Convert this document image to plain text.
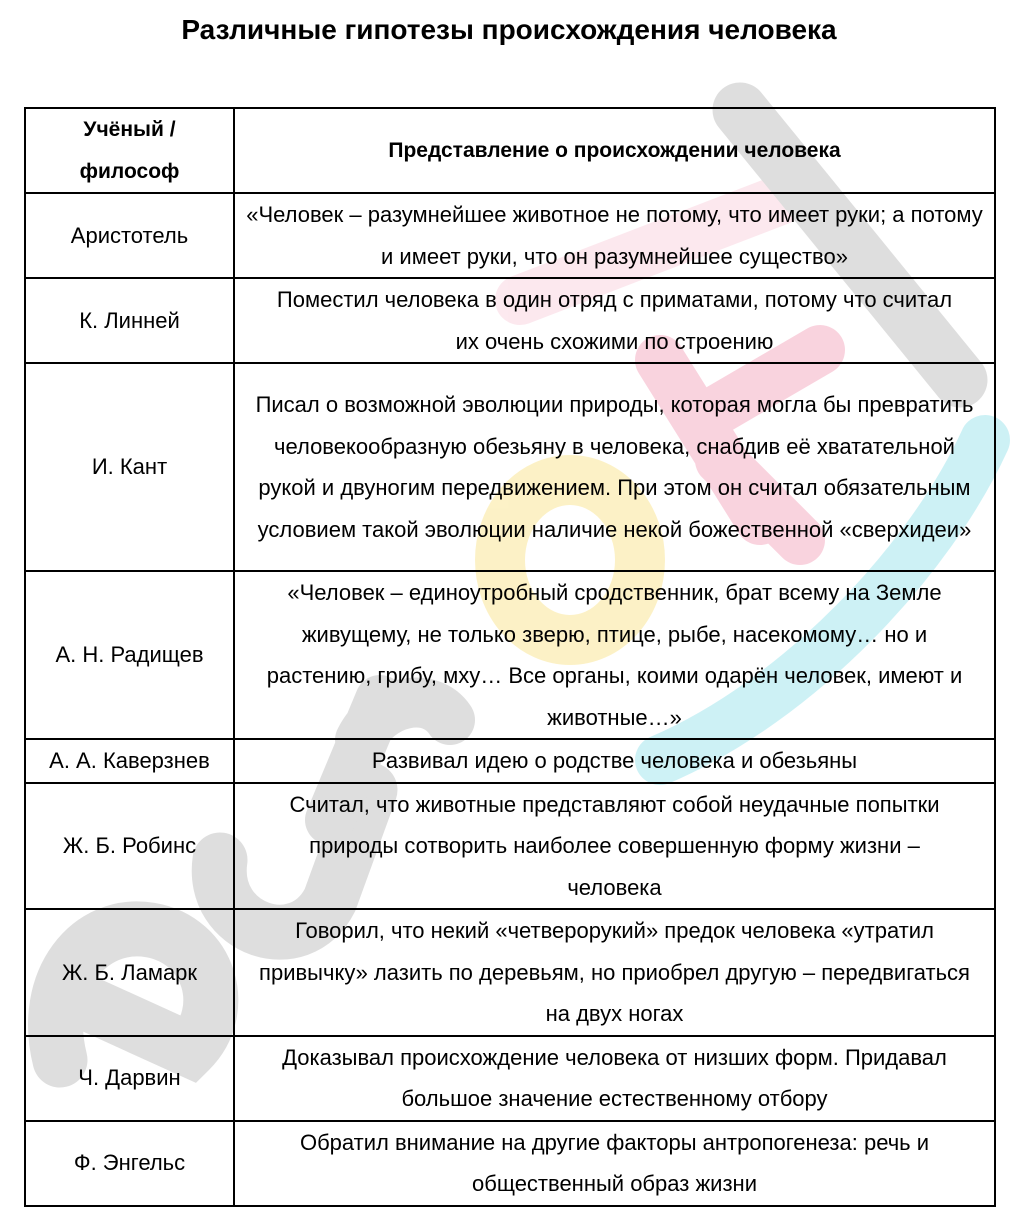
Различные гипотезы происхождения человека
Учёный / философ	Представление о происхождении человека
Аристотель	«Человек – разумнейшее животное не потому, что имеет руки; а потому и имеет руки, что он разумнейшее существо»
К. Линней	Поместил человека в один отряд с приматами, потому что считал их очень схожими по строению
И. Кант	Писал о возможной эволюции природы, которая могла бы превратить человекообразную обезьяну в человека, снабдив её хватательной рукой и двуногим передвижением. При этом он считал обязательным условием такой эволюции наличие некой божественной «сверхидеи»
А. Н. Радищев	«Человек – единоутробный сродственник, брат всему на Земле живущему, не только зверю, птице, рыбе, насекомому… но и растению, грибу, мху… Все органы, коими одарён человек, имеют и животные…»
А. А. Каверзнев	Развивал идею о родстве человека и обезьяны
Ж. Б. Робинс	Считал, что животные представляют собой неудачные попытки природы сотворить наиболее совершенную форму жизни – человека
Ж. Б. Ламарк	Говорил, что некий «четверорукий» предок человека «утратил привычку» лазить по деревьям, но приобрел другую – передвигаться на двух ногах
Ч. Дарвин	Доказывал происхождение человека от низших форм. Придавал большое значение естественному отбору
Ф. Энгельс	Обратил внимание на другие факторы антропогенеза: речь и общественный образ жизни
